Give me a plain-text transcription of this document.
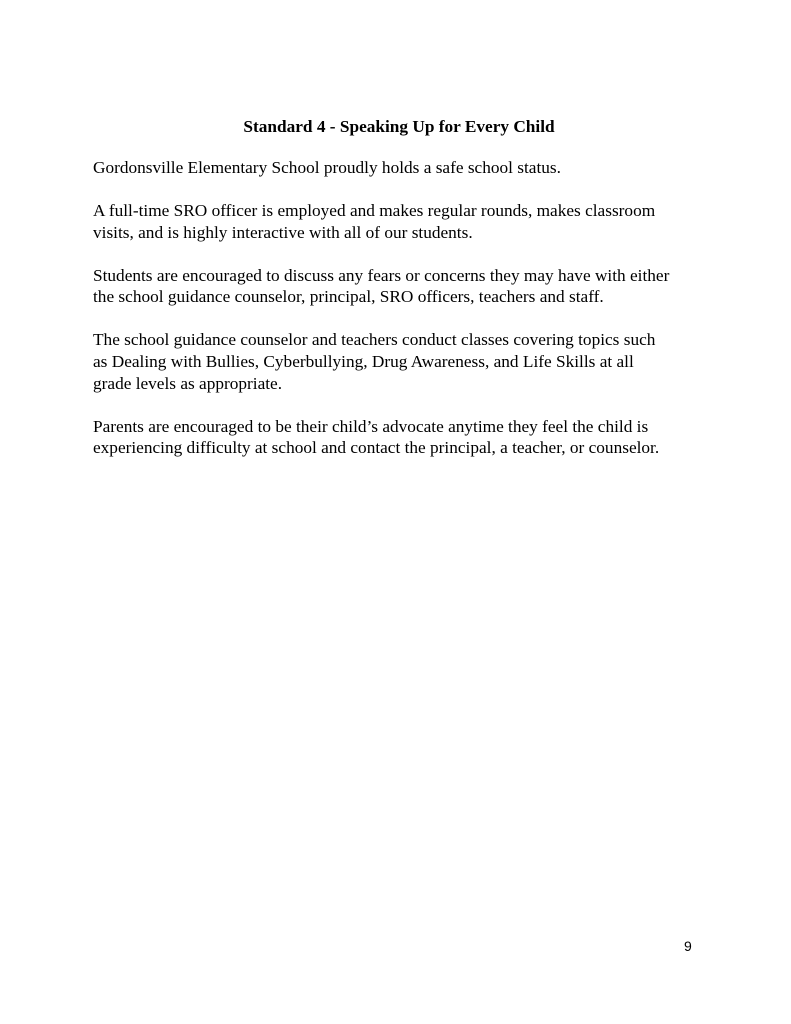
Standard 4 - Speaking Up for Every Child

Gordonsville Elementary School proudly holds a safe school status.

A full-time SRO officer is employed and makes regular rounds, makes classroom
visits, and is highly interactive with all of our students.

Students are encouraged to discuss any fears or concerns they may have with either
the school guidance counselor, principal, SRO officers, teachers and staff.

The school guidance counselor and teachers conduct classes covering topics such
as Dealing with Bullies, Cyberbullying, Drug Awareness, and Life Skills at all
grade levels as appropriate.

Parents are encouraged to be their child’s advocate anytime they feel the child is
experiencing difficulty at school and contact the principal, a teacher, or counselor.

9
